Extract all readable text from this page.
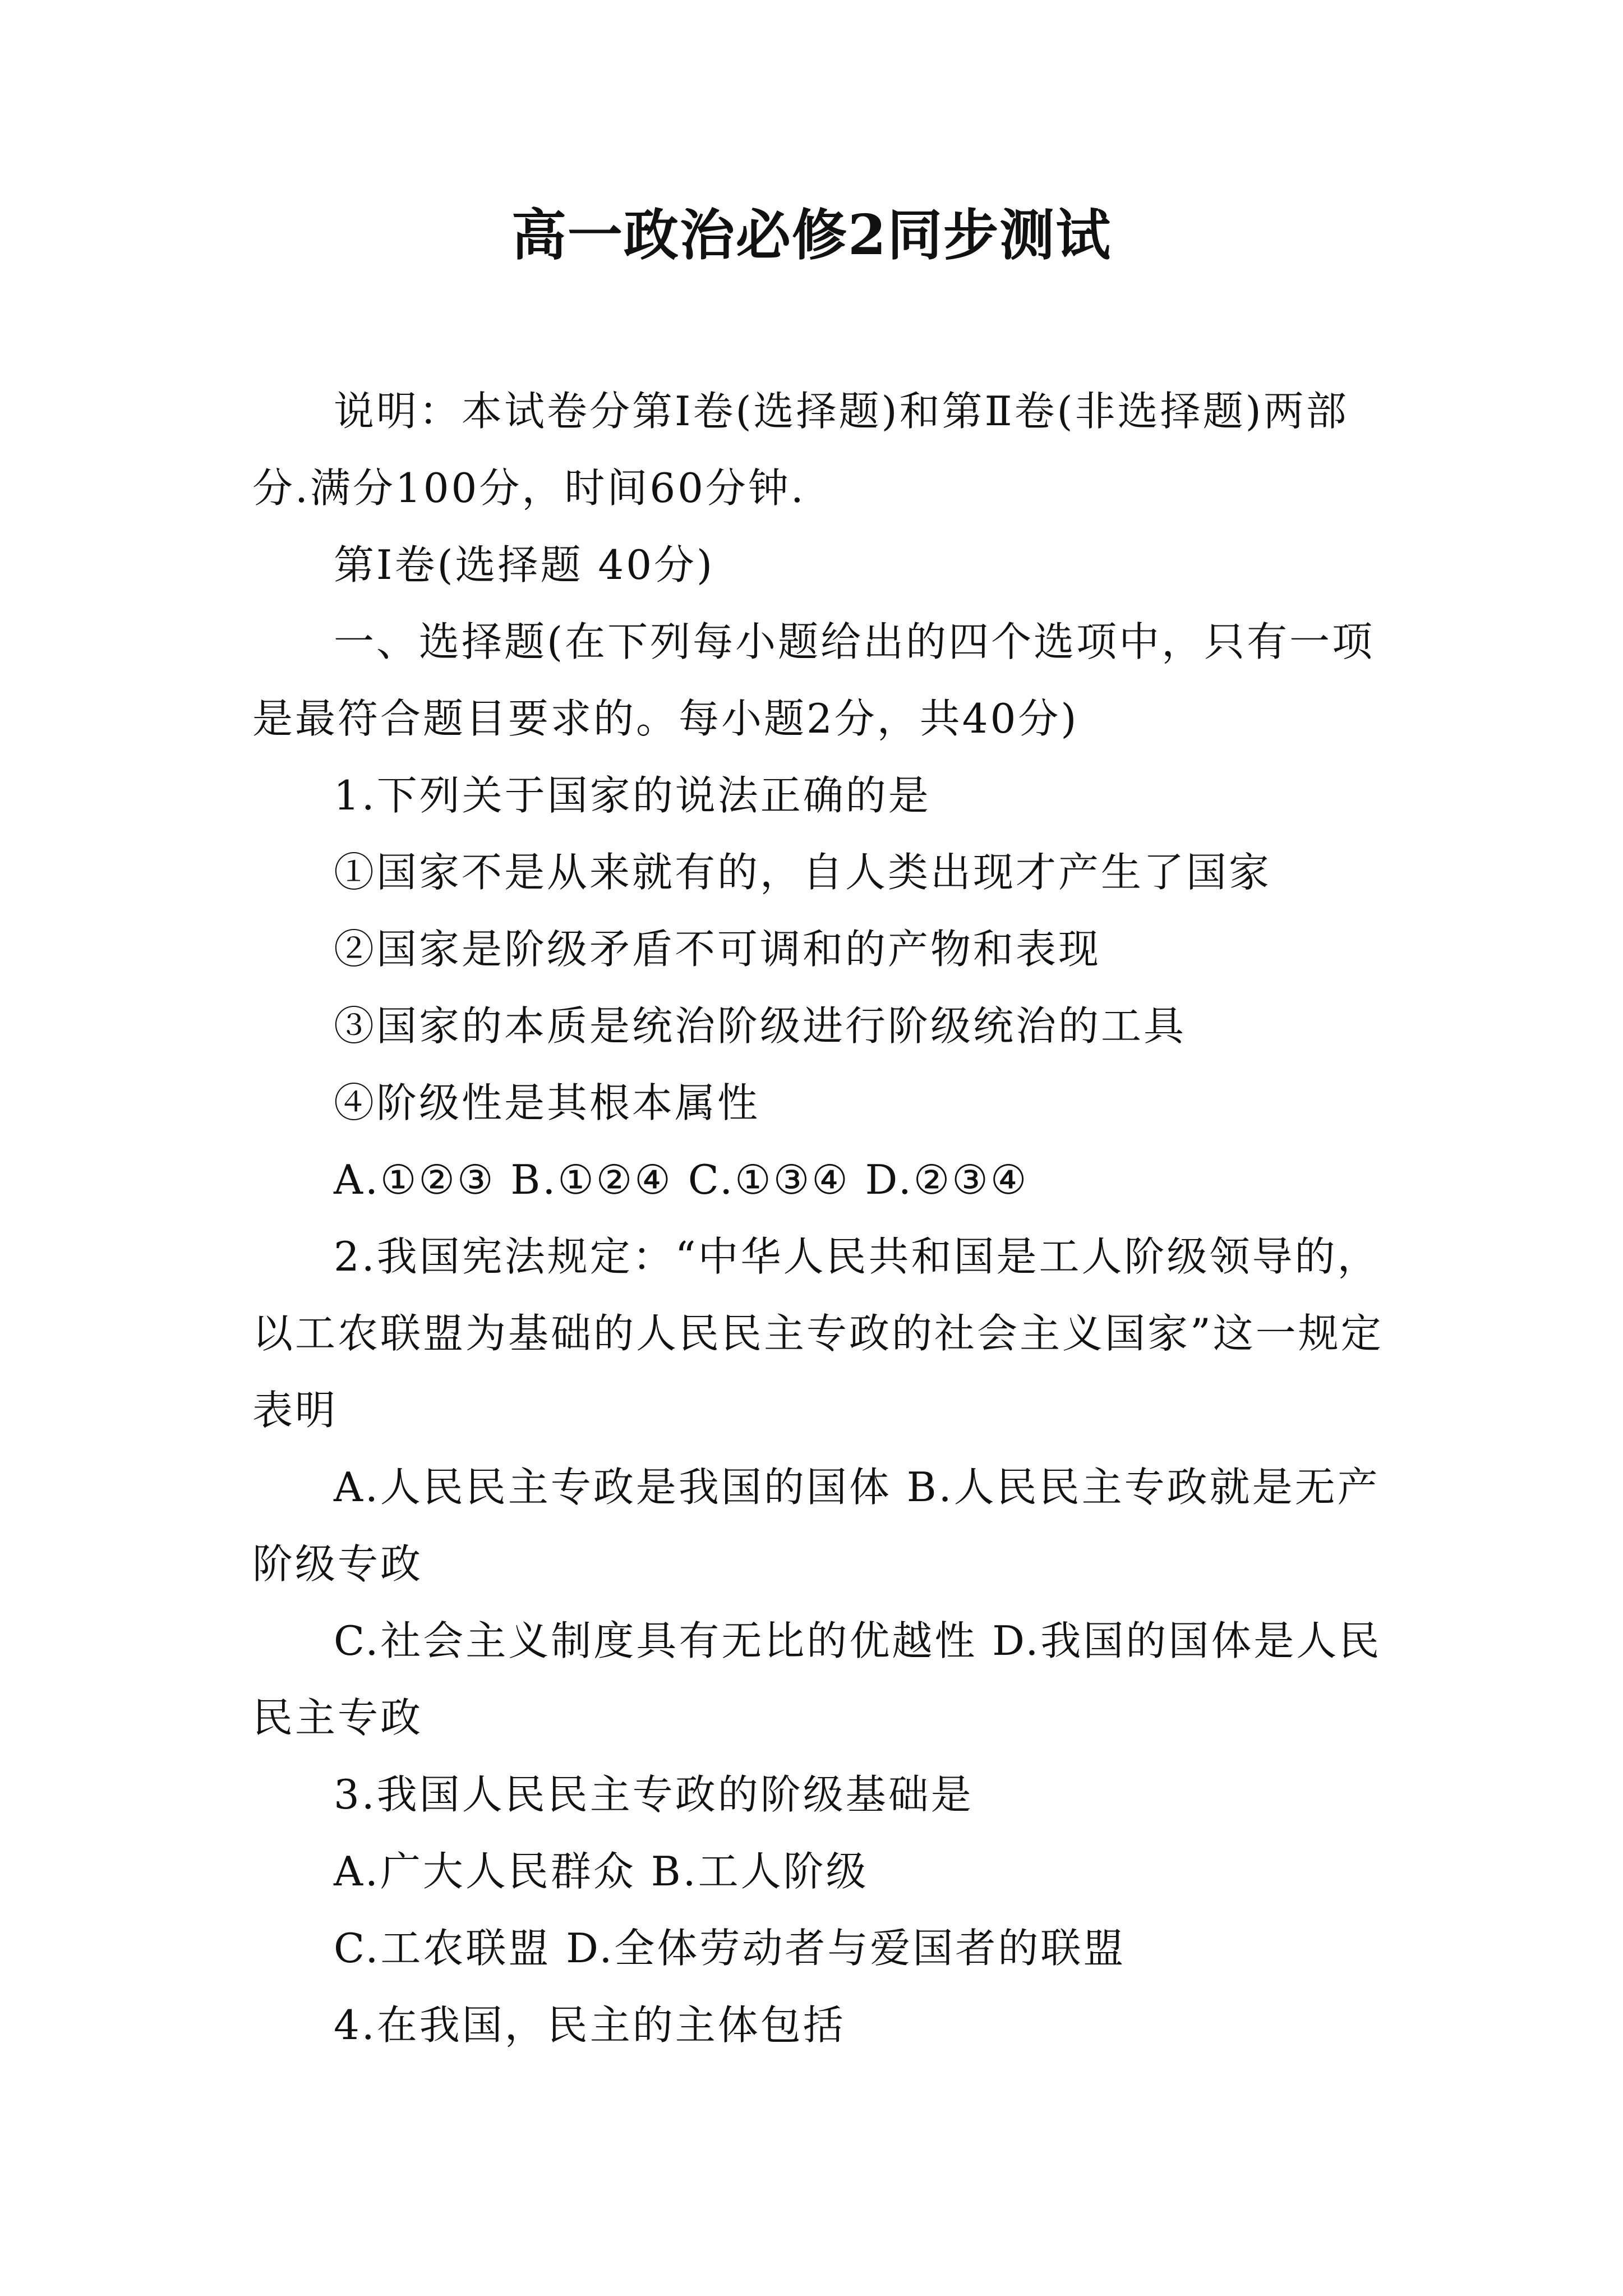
高一政治必修2同步测试

说明：本试卷分第Ⅰ卷(选择题)和第Ⅱ卷(非选择题)两部分.满分100分，时间60分钟.

第Ⅰ卷(选择题 40分)

一、选择题(在下列每小题给出的四个选项中，只有一项是最符合题目要求的。每小题2分，共40分)

1.下列关于国家的说法正确的是

①国家不是从来就有的，自人类出现才产生了国家

②国家是阶级矛盾不可调和的产物和表现

③国家的本质是统治阶级进行阶级统治的工具

④阶级性是其根本属性

A.①②③ B.①②④ C.①③④ D.②③④

2.我国宪法规定：“中华人民共和国是工人阶级领导的，以工农联盟为基础的人民民主专政的社会主义国家”这一规定表明

A.人民民主专政是我国的国体 B.人民民主专政就是无产阶级专政

C.社会主义制度具有无比的优越性 D.我国的国体是人民民主专政

3.我国人民民主专政的阶级基础是

A.广大人民群众 B.工人阶级

C.工农联盟 D.全体劳动者与爱国者的联盟

4.在我国，民主的主体包括
